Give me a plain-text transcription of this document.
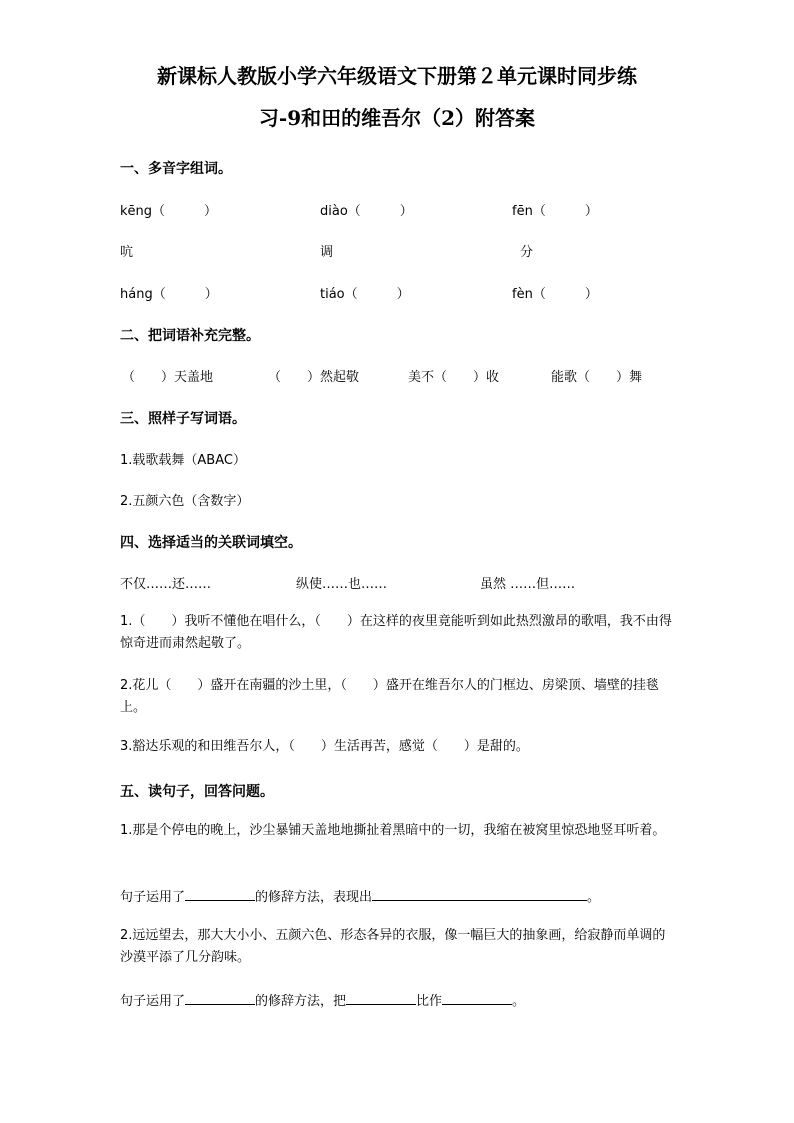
新课标人教版小学六年级语文下册第２单元课时同步练
习-9和田的维吾尔（2）附答案
一、多音字组词。
kēng（　　　）	diào（　　　）	fēn（　　　）
吭	调	分
háng（　　　）	tiáo（　　　）	fèn（　　　）
二、把词语补充完整。
（　　）天盖地	（　　）然起敬	美不（　　）收	能歌（　　）舞
三、照样子写词语。
1.载歌载舞（ABAC）
2.五颜六色（含数字）
四、选择适当的关联词填空。
不仅……还……	纵使……也……	虽然 ……但……
1.（　　）我听不懂他在唱什么，（　　）在这样的夜里竟能听到如此热烈激昂的歌唱，我不由得惊奇进而肃然起敬了。
2.花儿（　　）盛开在南疆的沙土里，（　　）盛开在维吾尔人的门框边、房梁顶、墙壁的挂毯上。
3.豁达乐观的和田维吾尔人，（　　）生活再苦，感觉（　　）是甜的。
五、读句子，回答问题。
1.那是个停电的晚上，沙尘暴铺天盖地地撕扯着黑暗中的一切，我缩在被窝里惊恐地竖耳听着。
句子运用了	的修辞方法，表现出	。
2.远远望去，那大大小小、五颜六色、形态各异的衣服，像一幅巨大的抽象画，给寂静而单调的沙漠平添了几分韵味。
句子运用了	的修辞方法，把	比作	。
